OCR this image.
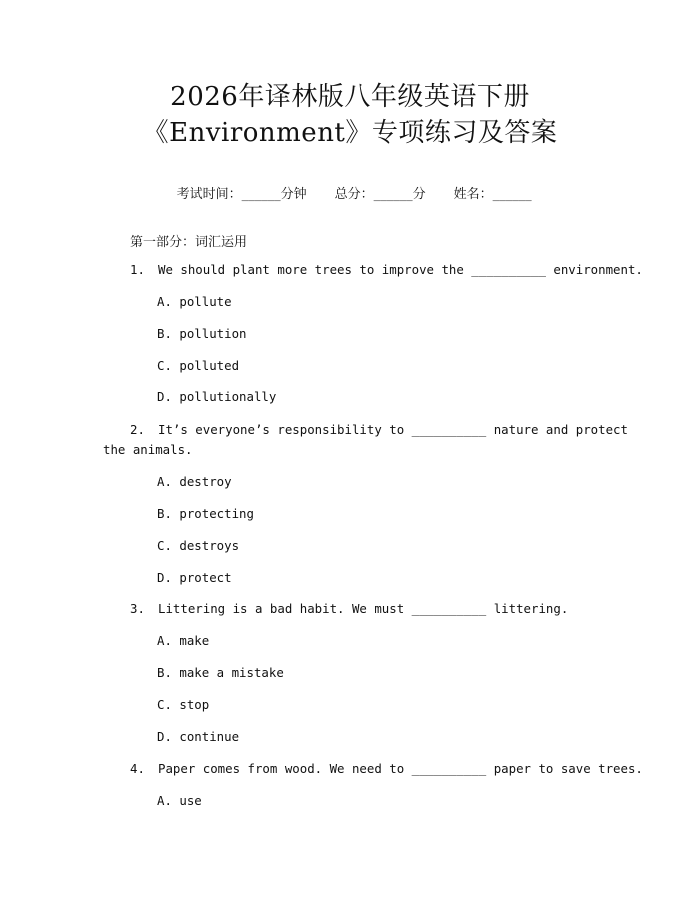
2026年译林版八年级英语下册
《Environment》专项练习及答案

考试时间：______分钟 总分：______分 姓名：______

第一部分：词汇运用
1. We should plant more trees to improve the __________ environment.
A. pollute
B. pollution
C. polluted
D. pollutionally
2. It’s everyone’s responsibility to __________ nature and protect
the animals.
A. destroy
B. protecting
C. destroys
D. protect
3. Littering is a bad habit. We must __________ littering.
A. make
B. make a mistake
C. stop
D. continue
4. Paper comes from wood. We need to __________ paper to save trees.
A. use
